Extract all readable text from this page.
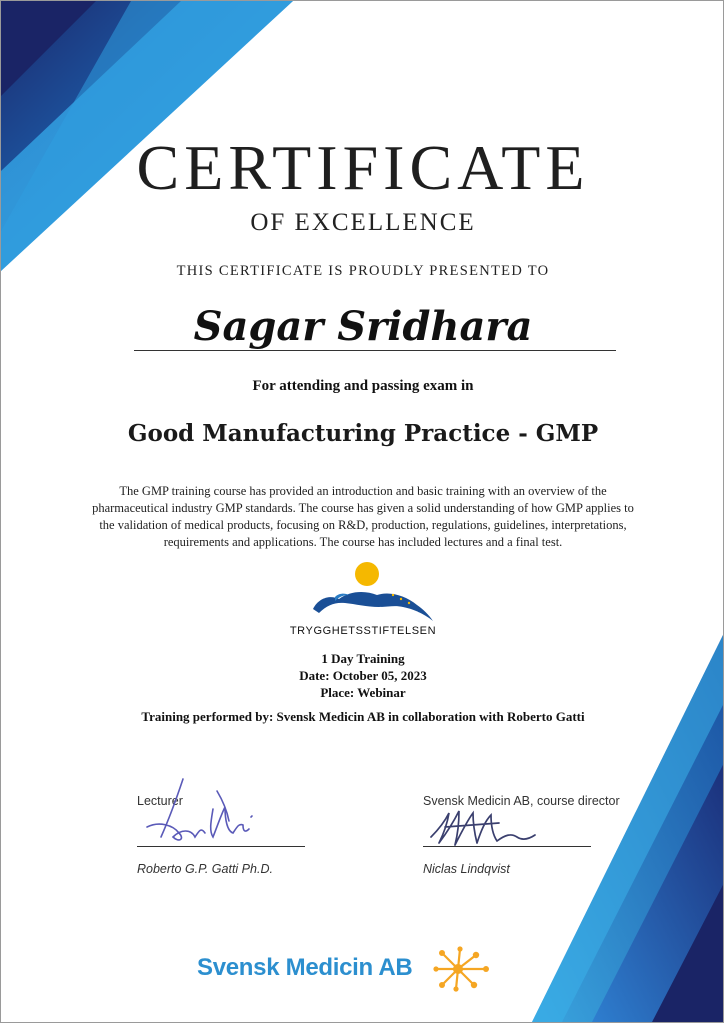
CERTIFICATE
OF EXCELLENCE
THIS CERTIFICATE IS PROUDLY PRESENTED TO
Sagar Sridhara
For attending and passing exam in
Good Manufacturing Practice - GMP
The GMP training course has provided an introduction and basic training with an overview of the pharmaceutical industry GMP standards. The course has given a solid understanding of how GMP applies to the validation of medical products, focusing on R&D, production, regulations, guidelines, interpretations, requirements and applications. The course has included lectures and a final test.
TRYGGHETSSTIFTELSEN
1 Day Training
Date: October 05, 2023
Place: Webinar
Training performed by: Svensk Medicin AB in collaboration with Roberto Gatti
Lecturer
Roberto G.P. Gatti Ph.D.
Svensk Medicin AB, course director
Niclas Lindqvist
Svensk Medicin AB
